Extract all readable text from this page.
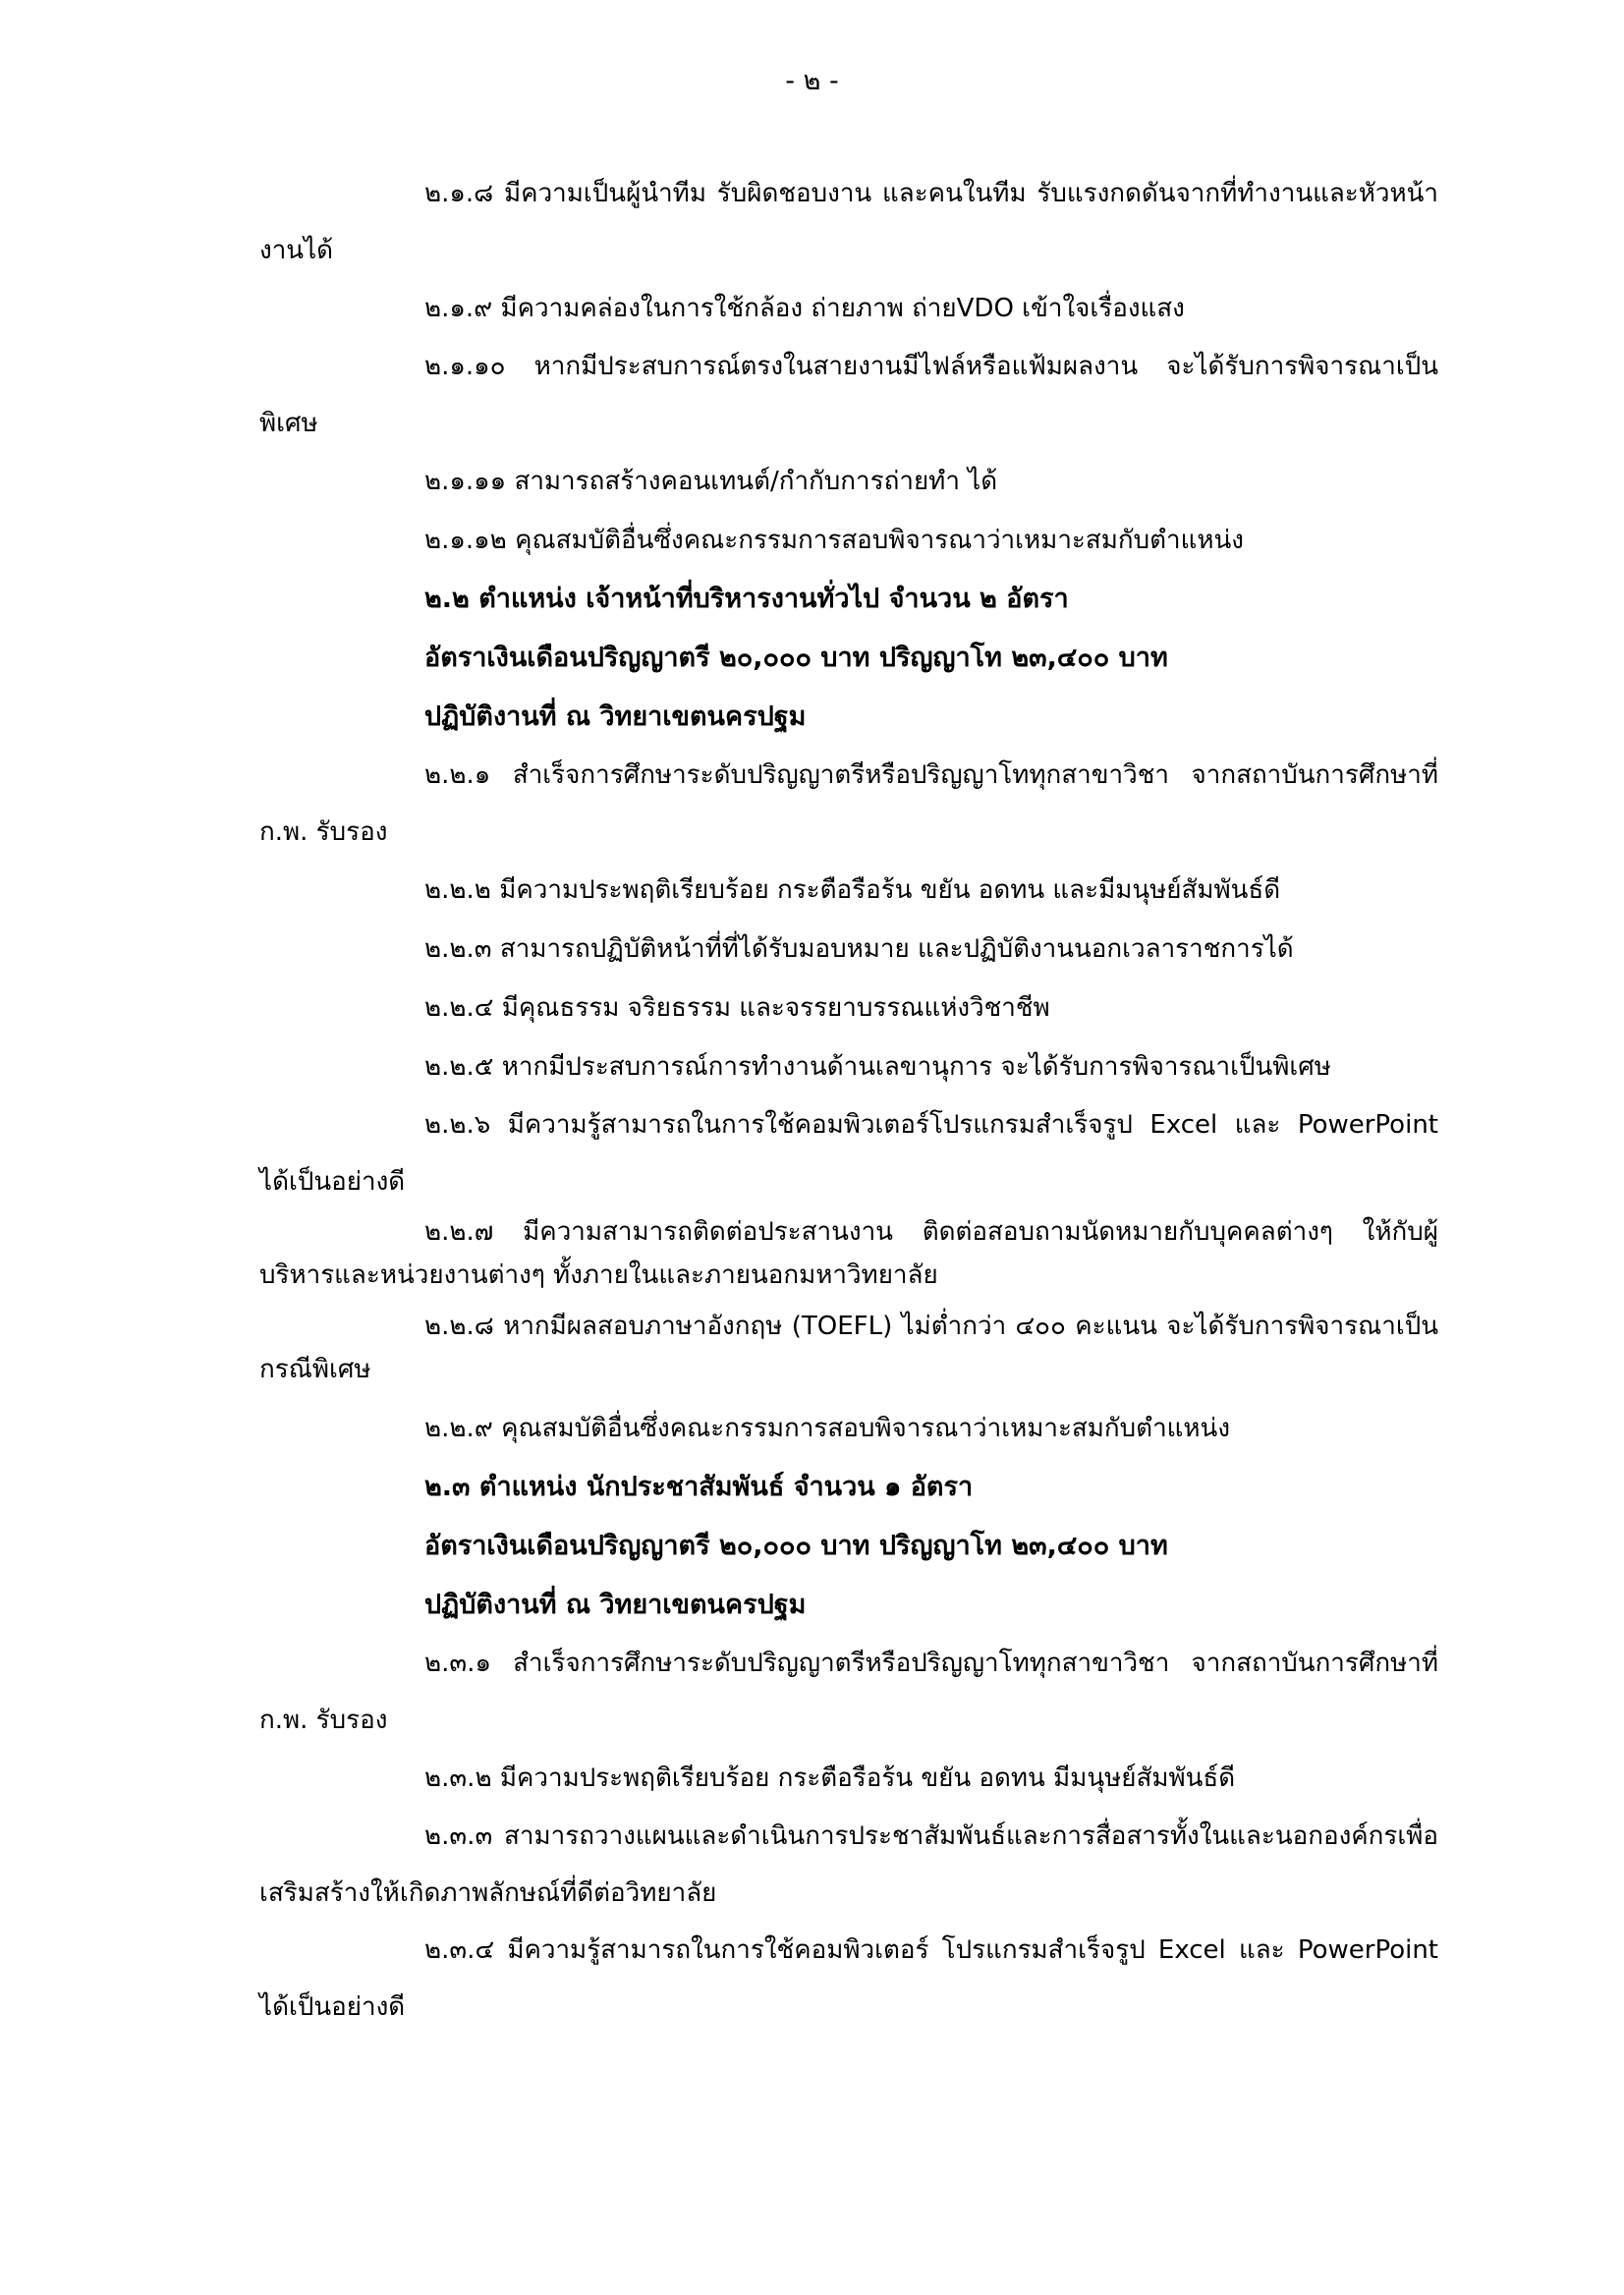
- ๒ -

๒.๑.๘ มีความเป็นผู้นำทีม รับผิดชอบงาน และคนในทีม รับแรงกดดันจากที่ทำงานและหัวหน้างานได้

๒.๑.๙ มีความคล่องในการใช้กล้อง ถ่ายภาพ ถ่ายVDO เข้าใจเรื่องแสง

๒.๑.๑๐ หากมีประสบการณ์ตรงในสายงานมีไฟล์หรือแฟ้มผลงาน จะได้รับการพิจารณาเป็นพิเศษ

๒.๑.๑๑ สามารถสร้างคอนเทนต์/กำกับการถ่ายทำ ได้

๒.๑.๑๒ คุณสมบัติอื่นซึ่งคณะกรรมการสอบพิจารณาว่าเหมาะสมกับตำแหน่ง

๒.๒ ตำแหน่ง เจ้าหน้าที่บริหารงานทั่วไป จำนวน ๒ อัตรา

อัตราเงินเดือนปริญญาตรี ๒๐,๐๐๐ บาท ปริญญาโท ๒๓,๔๐๐ บาท

ปฏิบัติงานที่ ณ วิทยาเขตนครปฐม

๒.๒.๑ สำเร็จการศึกษาระดับปริญญาตรีหรือปริญญาโททุกสาขาวิชา จากสถาบันการศึกษาที่ ก.พ. รับรอง

๒.๒.๒ มีความประพฤติเรียบร้อย กระตือรือร้น ขยัน อดทน และมีมนุษย์สัมพันธ์ดี

๒.๒.๓ สามารถปฏิบัติหน้าที่ที่ได้รับมอบหมาย และปฏิบัติงานนอกเวลาราชการได้

๒.๒.๔ มีคุณธรรม จริยธรรม และจรรยาบรรณแห่งวิชาชีพ

๒.๒.๕ หากมีประสบการณ์การทำงานด้านเลขานุการ จะได้รับการพิจารณาเป็นพิเศษ

๒.๒.๖ มีความรู้สามารถในการใช้คอมพิวเตอร์โปรแกรมสำเร็จรูป Excel และ PowerPoint ได้เป็นอย่างดี

๒.๒.๗ มีความสามารถติดต่อประสานงาน ติดต่อสอบถามนัดหมายกับบุคคลต่างๆ ให้กับผู้บริหารและหน่วยงานต่างๆ ทั้งภายในและภายนอกมหาวิทยาลัย

๒.๒.๘ หากมีผลสอบภาษาอังกฤษ (TOEFL) ไม่ต่ำกว่า ๔๐๐ คะแนน จะได้รับการพิจารณาเป็นกรณีพิเศษ

๒.๒.๙ คุณสมบัติอื่นซึ่งคณะกรรมการสอบพิจารณาว่าเหมาะสมกับตำแหน่ง

๒.๓ ตำแหน่ง นักประชาสัมพันธ์ จำนวน ๑ อัตรา

อัตราเงินเดือนปริญญาตรี ๒๐,๐๐๐ บาท ปริญญาโท ๒๓,๔๐๐ บาท

ปฏิบัติงานที่ ณ วิทยาเขตนครปฐม

๒.๓.๑ สำเร็จการศึกษาระดับปริญญาตรีหรือปริญญาโททุกสาขาวิชา จากสถาบันการศึกษาที่ ก.พ. รับรอง

๒.๓.๒ มีความประพฤติเรียบร้อย กระตือรือร้น ขยัน อดทน มีมนุษย์สัมพันธ์ดี

๒.๓.๓ สามารถวางแผนและดำเนินการประชาสัมพันธ์และการสื่อสารทั้งในและนอกองค์กรเพื่อเสริมสร้างให้เกิดภาพลักษณ์ที่ดีต่อวิทยาลัย

๒.๓.๔ มีความรู้สามารถในการใช้คอมพิวเตอร์ โปรแกรมสำเร็จรูป Excel และ PowerPoint ได้เป็นอย่างดี
